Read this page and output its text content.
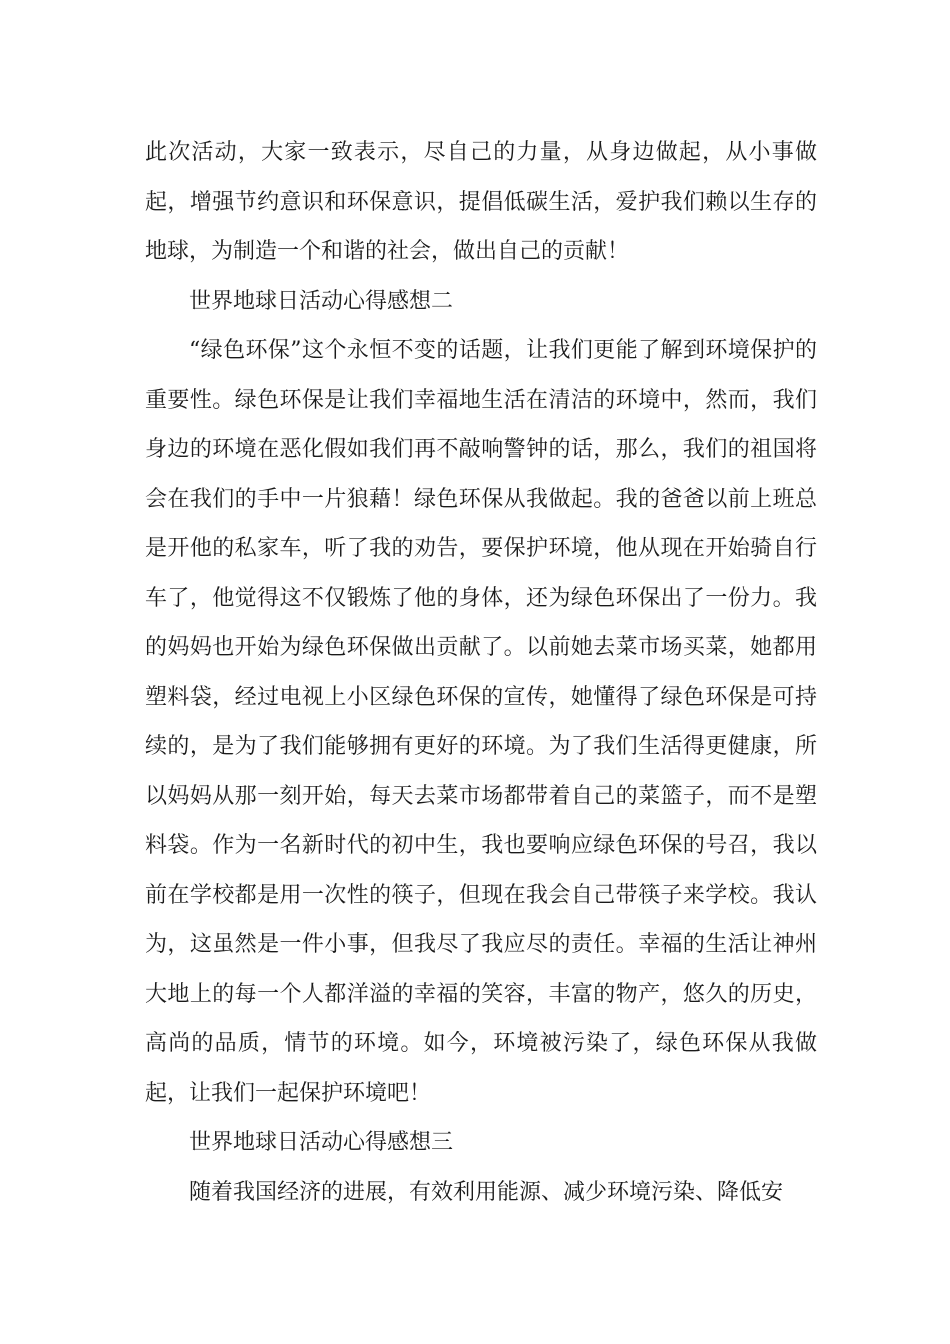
此次活动，大家一致表示，尽自己的力量，从身边做起，从小事做起，增强节约意识和环保意识，提倡低碳生活，爱护我们赖以生存的地球，为制造一个和谐的社会，做出自己的贡献！

世界地球日活动心得感想二

“绿色环保”这个永恒不变的话题，让我们更能了解到环境保护的重要性。绿色环保是让我们幸福地生活在清洁的环境中，然而，我们身边的环境在恶化假如我们再不敲响警钟的话，那么，我们的祖国将会在我们的手中一片狼藉！绿色环保从我做起。我的爸爸以前上班总是开他的私家车，听了我的劝告，要保护环境，他从现在开始骑自行车了，他觉得这不仅锻炼了他的身体，还为绿色环保出了一份力。我的妈妈也开始为绿色环保做出贡献了。以前她去菜市场买菜，她都用塑料袋，经过电视上小区绿色环保的宣传，她懂得了绿色环保是可持续的，是为了我们能够拥有更好的环境。为了我们生活得更健康，所以妈妈从那一刻开始，每天去菜市场都带着自己的菜篮子，而不是塑料袋。作为一名新时代的初中生，我也要响应绿色环保的号召，我以前在学校都是用一次性的筷子，但现在我会自己带筷子来学校。我认为，这虽然是一件小事，但我尽了我应尽的责任。幸福的生活让神州大地上的每一个人都洋溢的幸福的笑容，丰富的物产，悠久的历史，高尚的品质，情节的环境。如今，环境被污染了，绿色环保从我做起，让我们一起保护环境吧！

世界地球日活动心得感想三

随着我国经济的进展，有效利用能源、减少环境污染、降低安
